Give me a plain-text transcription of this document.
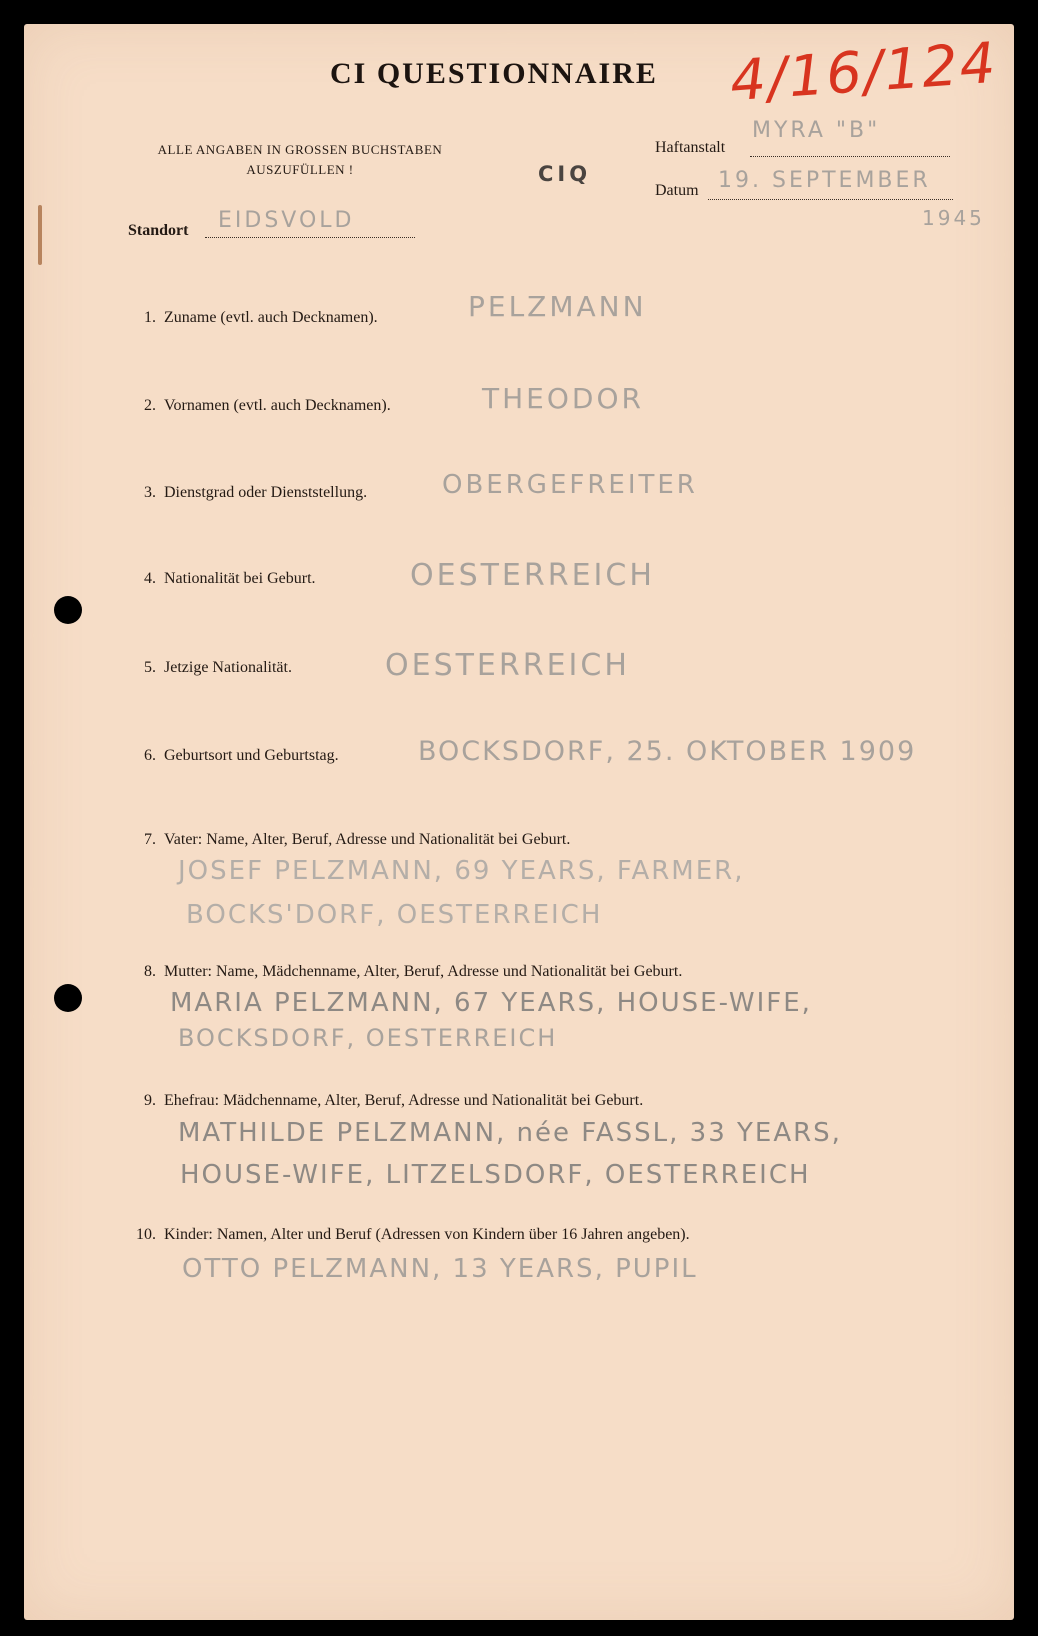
CI QUESTIONNAIRE 4/16/124
ALLE ANGABEN IN GROSSEN BUCHSTABEN
AUSZUFÜLLEN !	CIQ
Haftanstalt
MYRA "B"
Datum 19. SEPTEMBER
1945
Standort EIDSVOLD
1. Zuname (evtl. auch Decknamen).	PELZMANN
2. Vornamen (evtl. auch Decknamen).	THEODOR
3. Dienstgrad oder Dienststellung.	OBERGEFREITER
4. Nationalität bei Geburt.	OESTERREICH
5. Jetzige Nationalität.	OESTERREICH
6. Geburtsort und Geburtstag.	BOCKSDORF, 25. OKTOBER 1909
7. Vater: Name, Alter, Beruf, Adresse und Nationalität bei Geburt.
JOSEF PELZMANN, 69 YEARS, FARMER,
BOCKS'DORF, OESTERREICH
8. Mutter: Name, Mädchenname, Alter, Beruf, Adresse und Nationalität bei Geburt.
MARIA PELZMANN, 67 YEARS, HOUSE-WIFE,
BOCKSDORF, OESTERREICH
9. Ehefrau: Mädchenname, Alter, Beruf, Adresse und Nationalität bei Geburt.
MATHILDE PELZMANN, née FASSL, 33 YEARS,
HOUSE-WIFE, LITZELSDORF, OESTERREICH
10. Kinder: Namen, Alter und Beruf (Adressen von Kindern über 16 Jahren angeben).
OTTO PELZMANN, 13 YEARS, PUPIL
